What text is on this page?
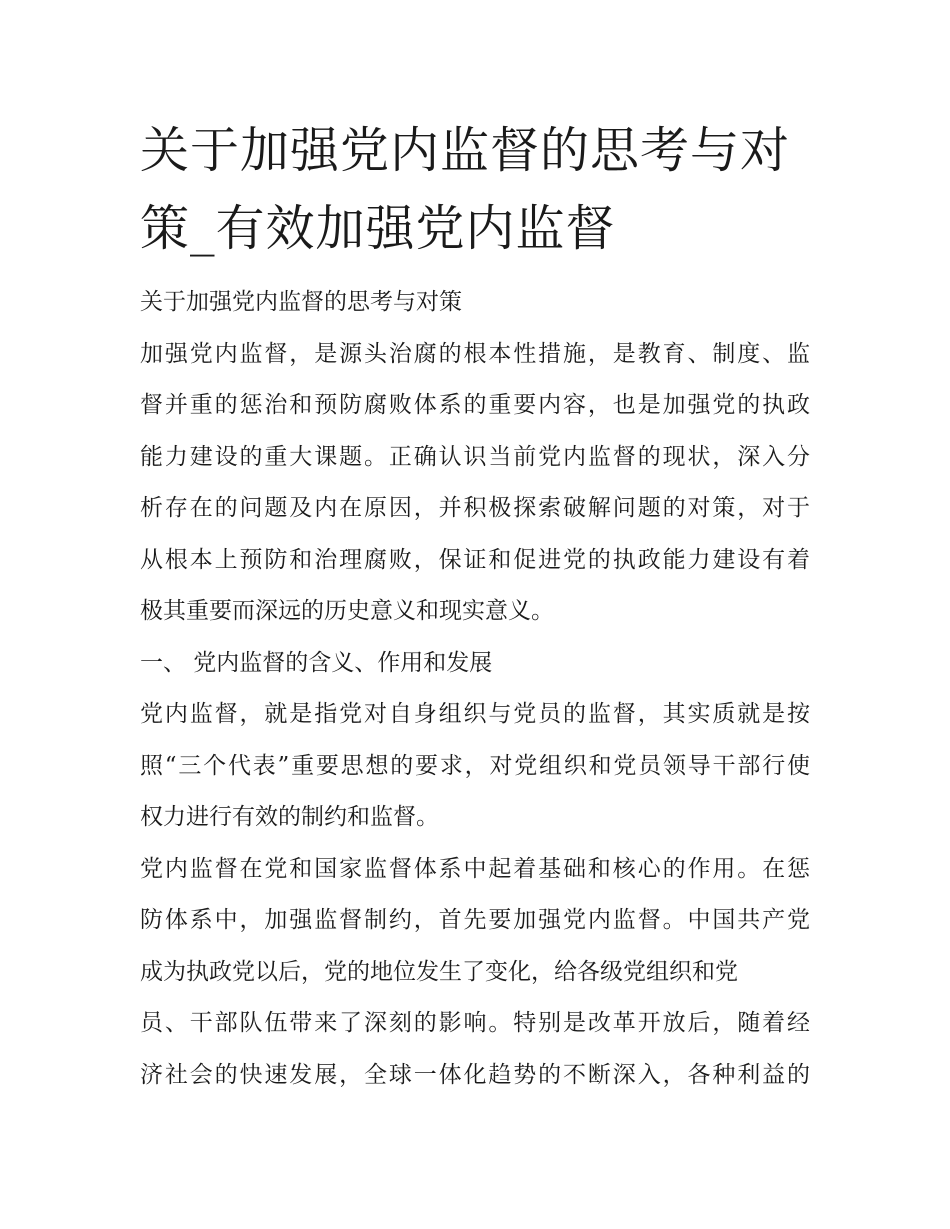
关于加强党内监督的思考与对
策_有效加强党内监督
关于加强党内监督的思考与对策
加强党内监督，是源头治腐的根本性措施，是教育、制度、监
督并重的惩治和预防腐败体系的重要内容，也是加强党的执政
能力建设的重大课题。正确认识当前党内监督的现状，深入分
析存在的问题及内在原因，并积极探索破解问题的对策，对于
从根本上预防和治理腐败，保证和促进党的执政能力建设有着
极其重要而深远的历史意义和现实意义。
一、 党内监督的含义、作用和发展
党内监督，就是指党对自身组织与党员的监督，其实质就是按
照“三个代表”重要思想的要求，对党组织和党员领导干部行使
权力进行有效的制约和监督。
党内监督在党和国家监督体系中起着基础和核心的作用。在惩
防体系中，加强监督制约，首先要加强党内监督。中国共产党
成为执政党以后，党的地位发生了变化，给各级党组织和党
员、干部队伍带来了深刻的影响。特别是改革开放后，随着经
济社会的快速发展，全球一体化趋势的不断深入，各种利益的
